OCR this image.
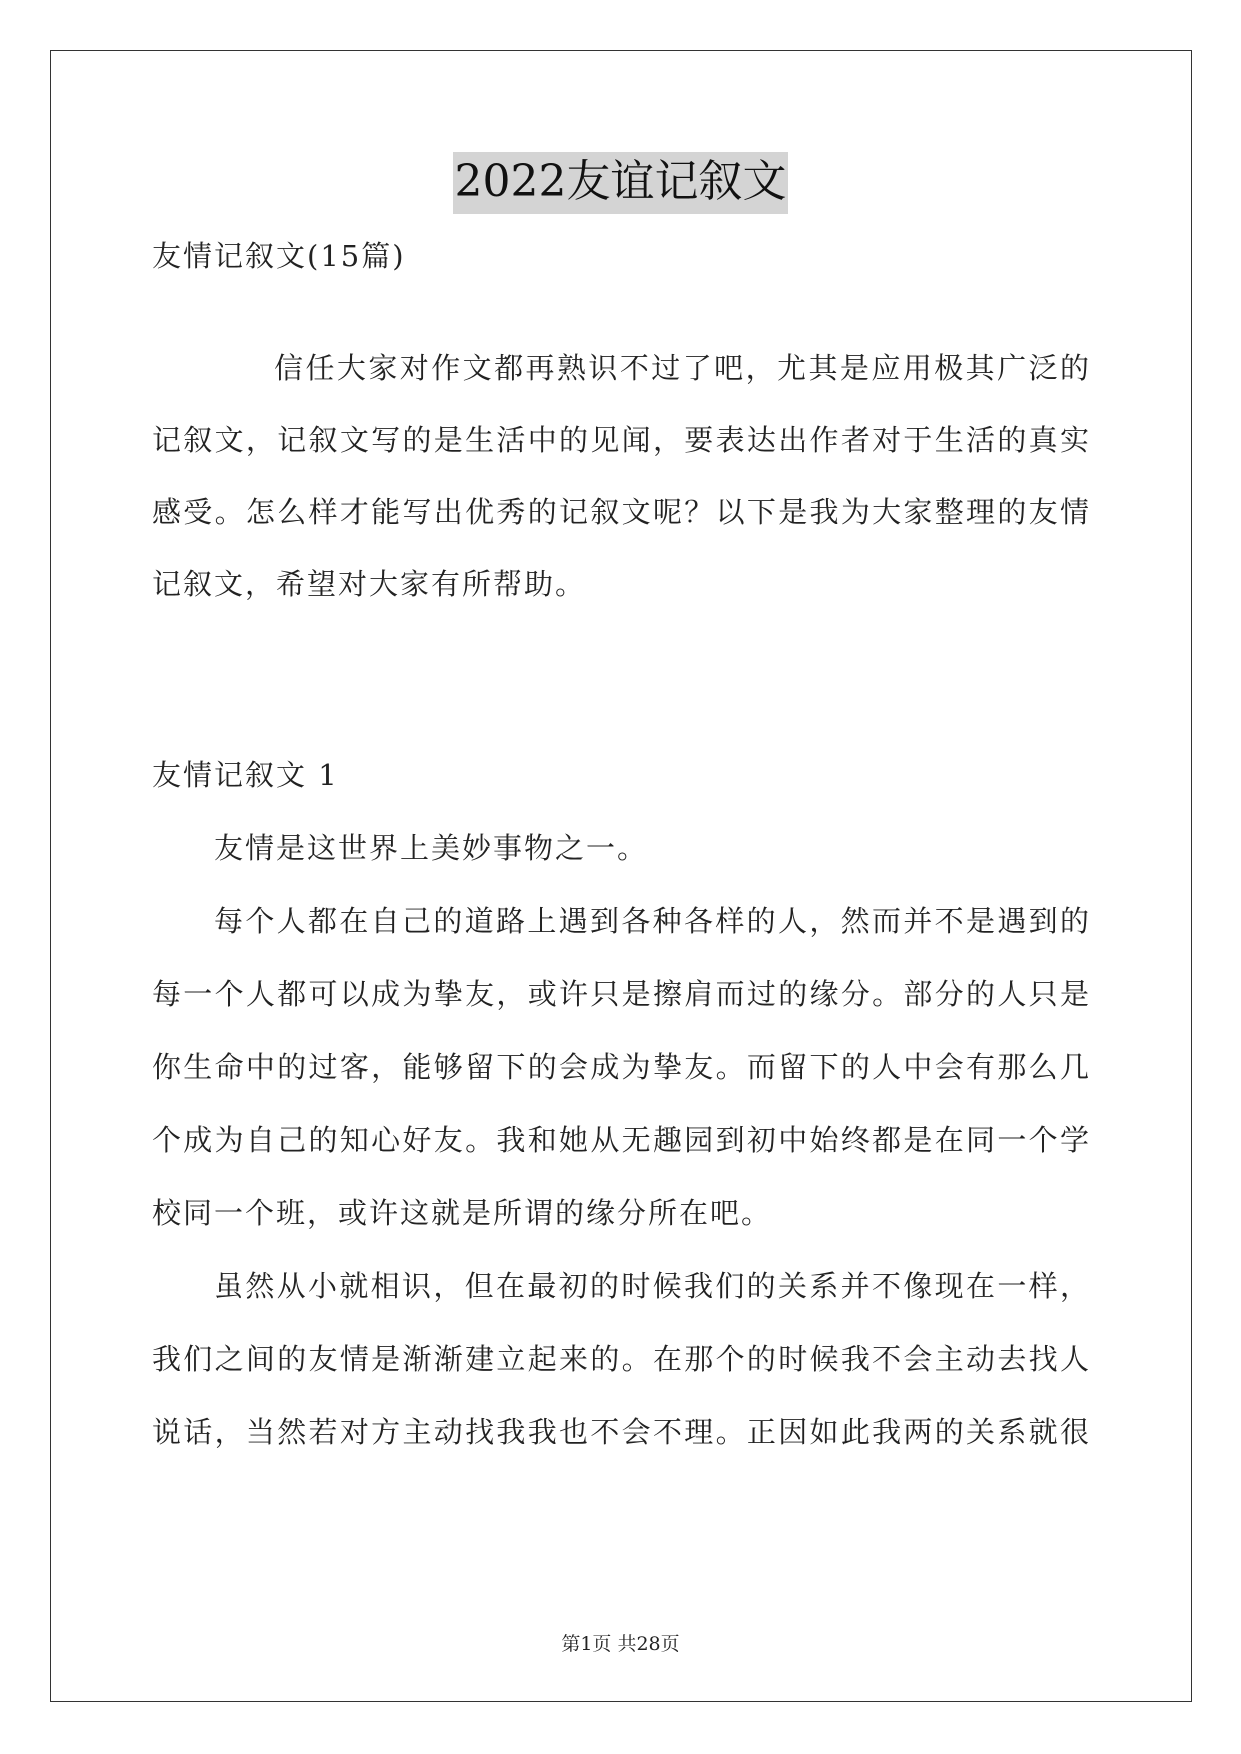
2022友谊记叙文
友情记叙文(15篇)
信任大家对作文都再熟识不过了吧，尤其是应用极其广泛的
记叙文，记叙文写的是生活中的见闻，要表达出作者对于生活的真实
感受。怎么样才能写出优秀的记叙文呢？以下是我为大家整理的友情
记叙文，希望对大家有所帮助。
友情记叙文 1
友情是这世界上美妙事物之一。
每个人都在自己的道路上遇到各种各样的人，然而并不是遇到的
每一个人都可以成为挚友，或许只是擦肩而过的缘分。部分的人只是
你生命中的过客，能够留下的会成为挚友。而留下的人中会有那么几
个成为自己的知心好友。我和她从无趣园到初中始终都是在同一个学
校同一个班，或许这就是所谓的缘分所在吧。
虽然从小就相识，但在最初的时候我们的关系并不像现在一样，
我们之间的友情是渐渐建立起来的。在那个的时候我不会主动去找人
说话，当然若对方主动找我我也不会不理。正因如此我两的关系就很
第1页 共28页
